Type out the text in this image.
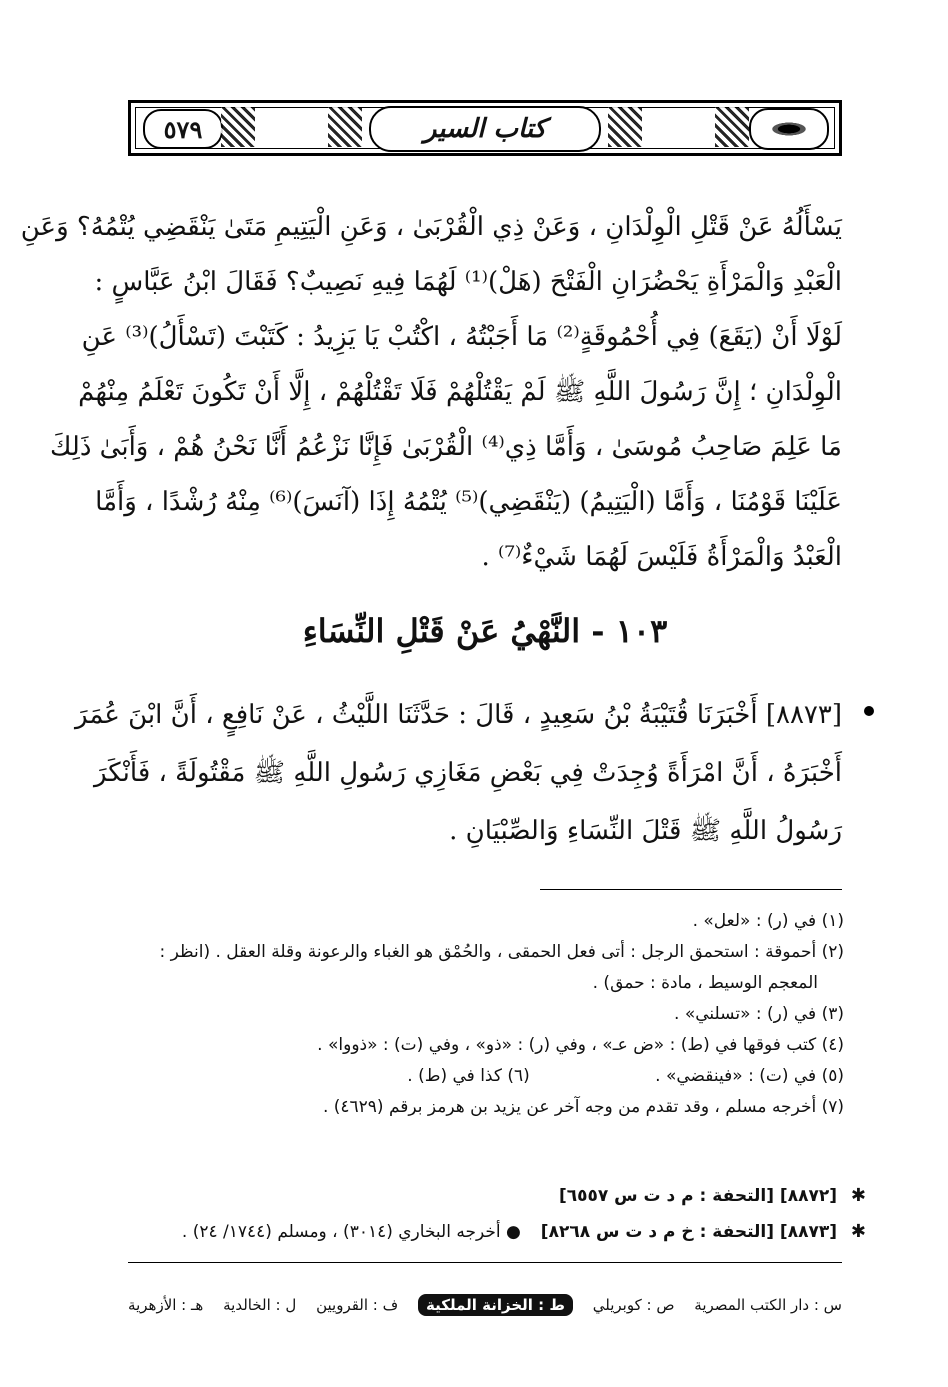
٥٧٩	كتاب السير
يَسْأَلُهُ عَنْ قَتْلِ الْوِلْدَانِ ، وَعَنْ ذِي الْقُرْبَىٰ ، وَعَنِ الْيَتِيمِ مَتَىٰ يَنْقَضِي يُتْمُهُ؟ وَعَنِ
الْعَبْدِ وَالْمَرْأَةِ يَحْضُرَانِ الْفَتْحَ (هَلْ)⁽¹⁾ لَهُمَا فِيهِ نَصِيبٌ؟ فَقَالَ ابْنُ عَبَّاسٍ :
لَوْلَا أَنْ (يَقَعَ) فِي أُحْمُوقَةٍ⁽²⁾ مَا أَجَبْتُهُ ، اكْتُبْ يَا يَزِيدُ : كَتَبْتَ (تَسْأَلُ)⁽³⁾ عَنِ
الْوِلْدَانِ ؛ إِنَّ رَسُولَ اللَّهِ ﷺ لَمْ يَقْتُلْهُمْ فَلَا تَقْتُلْهُمْ ، إِلَّا أَنْ تَكُونَ تَعْلَمُ مِنْهُمْ
مَا عَلِمَ صَاحِبُ مُوسَىٰ ، وَأَمَّا ذِي⁽⁴⁾ الْقُرْبَىٰ فَإِنَّا نَزْعُمُ أَنَّا نَحْنُ هُمْ ، وَأَبَىٰ ذَلِكَ
عَلَيْنَا قَوْمُنَا ، وَأَمَّا (الْيَتِيمُ) (يَنْقَضِي)⁽⁵⁾ يُتْمُهُ إِذَا (آنَسَ)⁽⁶⁾ مِنْهُ رُشْدًا ، وَأَمَّا
الْعَبْدُ وَالْمَرْأَةُ فَلَيْسَ لَهُمَا شَيْءٌ⁽⁷⁾ .
١٠٣ - النَّهْيُ عَنْ قَتْلِ النِّسَاءِ
[٨٨٧٣] أَخْبَرَنَا قُتَيْبَةُ بْنُ سَعِيدٍ ، قَالَ : حَدَّثَنَا اللَّيْثُ ، عَنْ نَافِعٍ ، أَنَّ ابْنَ عُمَرَ
أَخْبَرَهُ ، أَنَّ امْرَأَةً وُجِدَتْ فِي بَعْضِ مَغَازِي رَسُولِ اللَّهِ ﷺ مَقْتُولَةً ، فَأَنْكَرَ
رَسُولُ اللَّهِ ﷺ قَتْلَ النِّسَاءِ وَالصِّبْيَانِ .
(١) في (ر) : «لعل» .
(٢) أحموقة : استحمق الرجل : أتى فعل الحمقى ، والحُمْق هو الغباء والرعونة وقلة العقل . (انظر :
المعجم الوسيط ، مادة : حمق) .
(٣) في (ر) : «تسلني» .
(٤) كتب فوقها في (ط) : «ض عـ» ، وفي (ر) : «ذو» ، وفي (ت) : «ذووا» .
(٥) في (ت) : «فينقضي» . (٦) كذا في (ط) .
(٧) أخرجه مسلم ، وقد تقدم من وجه آخر عن يزيد بن هرمز برقم (٤٦٢٩) .
✱ [٨٨٧٢] [التحفة : م د ت س ٦٥٥٧]
✱ [٨٨٧٣] [التحفة : خ م د ت س ٨٢٦٨] ● أخرجه البخاري (٣٠١٤) ، ومسلم (١٧٤٤/ ٢٤) .
س : دار الكتب المصرية
ص : كوبريلي
ط : الخزانة الملكية
ف : القرويين
ل : الخالدية
هـ : الأزهرية
